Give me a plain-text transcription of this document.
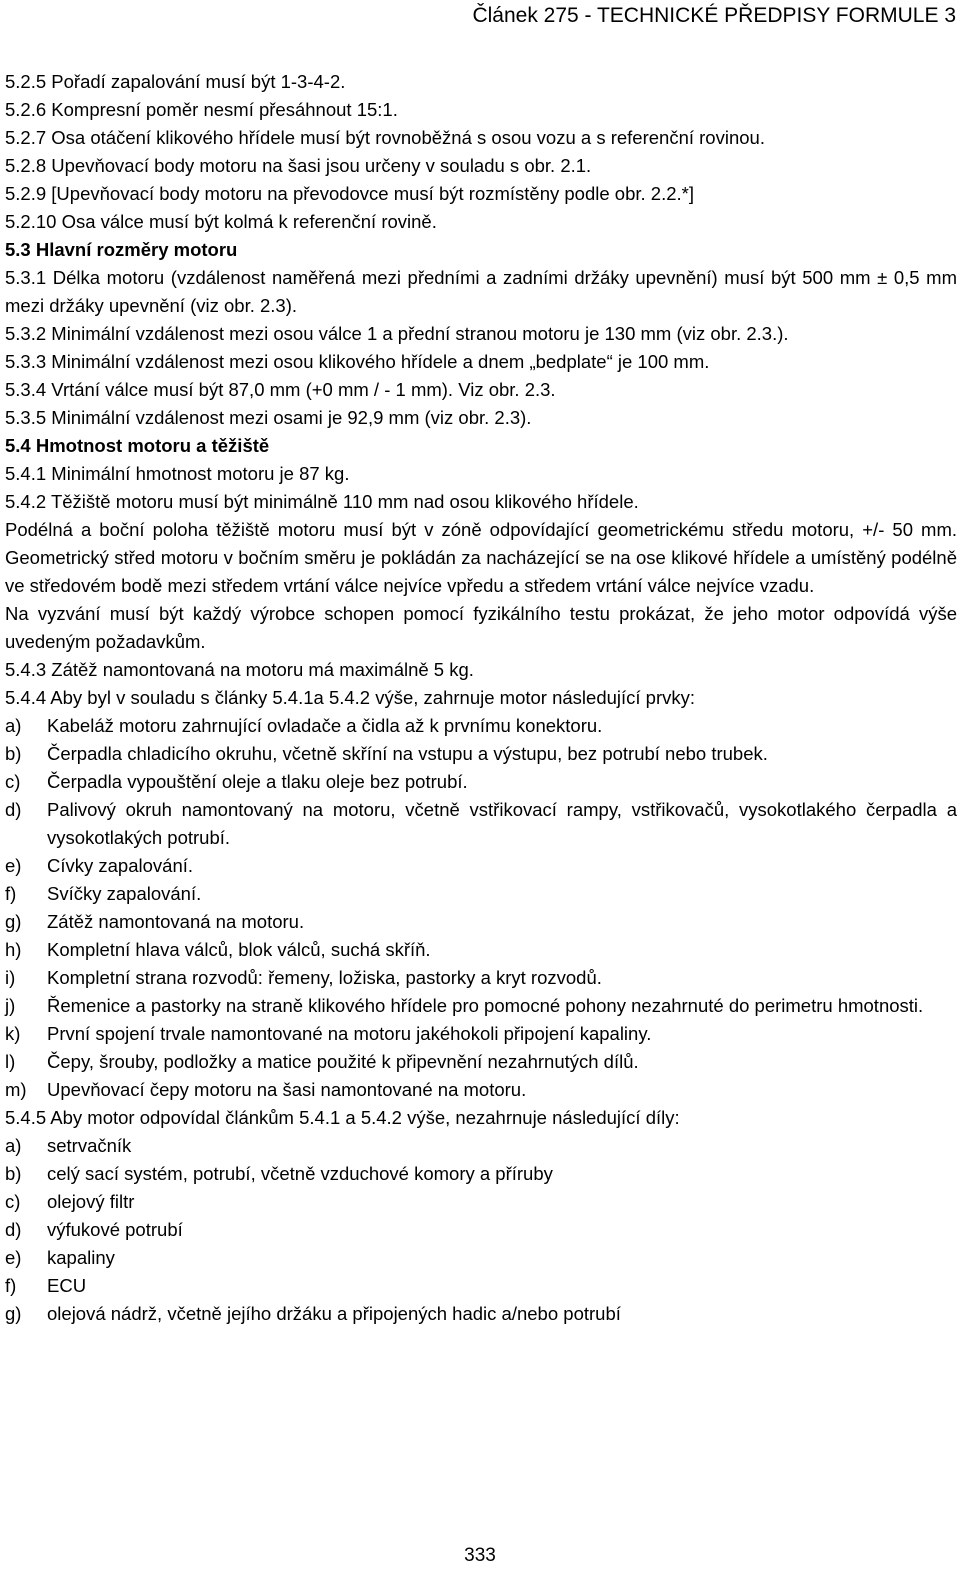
Článek 275 - TECHNICKÉ PŘEDPISY FORMULE 3

5.2.5 Pořadí zapalování musí být 1-3-4-2.

5.2.6 Kompresní poměr nesmí přesáhnout 15:1.

5.2.7 Osa otáčení klikového hřídele musí být rovnoběžná s osou vozu a s referenční rovinou.

5.2.8 Upevňovací body motoru na šasi jsou určeny v souladu s obr. 2.1.

5.2.9 [Upevňovací body motoru na převodovce musí být rozmístěny podle obr. 2.2.*]

5.2.10 Osa válce musí být kolmá k referenční rovině.

5.3 Hlavní rozměry motoru

5.3.1 Délka motoru (vzdálenost naměřená mezi předními a zadními držáky upevnění) musí být 500 mm ± 0,5 mm mezi držáky upevnění (viz obr. 2.3).

5.3.2 Minimální vzdálenost mezi osou válce 1 a přední stranou motoru je 130 mm (viz obr. 2.3.).

5.3.3 Minimální vzdálenost mezi osou klikového hřídele a dnem „bedplate“ je 100 mm.

5.3.4 Vrtání válce musí být 87,0 mm (+0 mm / - 1 mm). Viz obr. 2.3.

5.3.5 Minimální vzdálenost mezi osami je 92,9 mm (viz obr. 2.3).

5.4 Hmotnost motoru a těžiště

5.4.1 Minimální hmotnost motoru je 87 kg.

5.4.2 Těžiště motoru musí být minimálně 110 mm nad osou klikového hřídele.

Podélná a boční poloha těžiště motoru musí být v zóně odpovídající geometrickému středu motoru, +/- 50 mm. Geometrický střed motoru v bočním směru je pokládán za nacházející se na ose klikové hřídele a umístěný podélně ve středovém bodě mezi středem vrtání válce nejvíce vpředu a středem vrtání válce nejvíce vzadu.

Na vyzvání musí být každý výrobce schopen pomocí fyzikálního testu prokázat, že jeho motor odpovídá výše uvedeným požadavkům.

5.4.3 Zátěž namontovaná na motoru má maximálně 5 kg.

5.4.4 Aby byl v souladu s články 5.4.1a 5.4.2 výše, zahrnuje motor následující prvky:

a) Kabeláž motoru zahrnující ovladače a čidla až k prvnímu konektoru.
b) Čerpadla chladicího okruhu, včetně skříní na vstupu a výstupu, bez potrubí nebo trubek.
c) Čerpadla vypouštění oleje a tlaku oleje bez potrubí.
d) Palivový okruh namontovaný na motoru, včetně vstřikovací rampy, vstřikovačů, vysokotlakého čerpadla a vysokotlakých potrubí.
e) Cívky zapalování.
f) Svíčky zapalování.
g) Zátěž namontovaná na motoru.
h) Kompletní hlava válců, blok válců, suchá skříň.
i) Kompletní strana rozvodů: řemeny, ložiska, pastorky a kryt rozvodů.
j) Řemenice a pastorky na straně klikového hřídele pro pomocné pohony nezahrnuté do perimetru hmotnosti.
k) První spojení trvale namontované na motoru jakéhokoli připojení kapaliny.
l) Čepy, šrouby, podložky a matice použité k připevnění nezahrnutých dílů.
m) Upevňovací čepy motoru na šasi namontované na motoru.

5.4.5 Aby motor odpovídal článkům 5.4.1 a 5.4.2 výše, nezahrnuje následující díly:

a) setrvačník
b) celý sací systém, potrubí, včetně vzduchové komory a příruby
c) olejový filtr
d) výfukové potrubí
e) kapaliny
f) ECU
g) olejová nádrž, včetně jejího držáku a připojených hadic a/nebo potrubí
333
